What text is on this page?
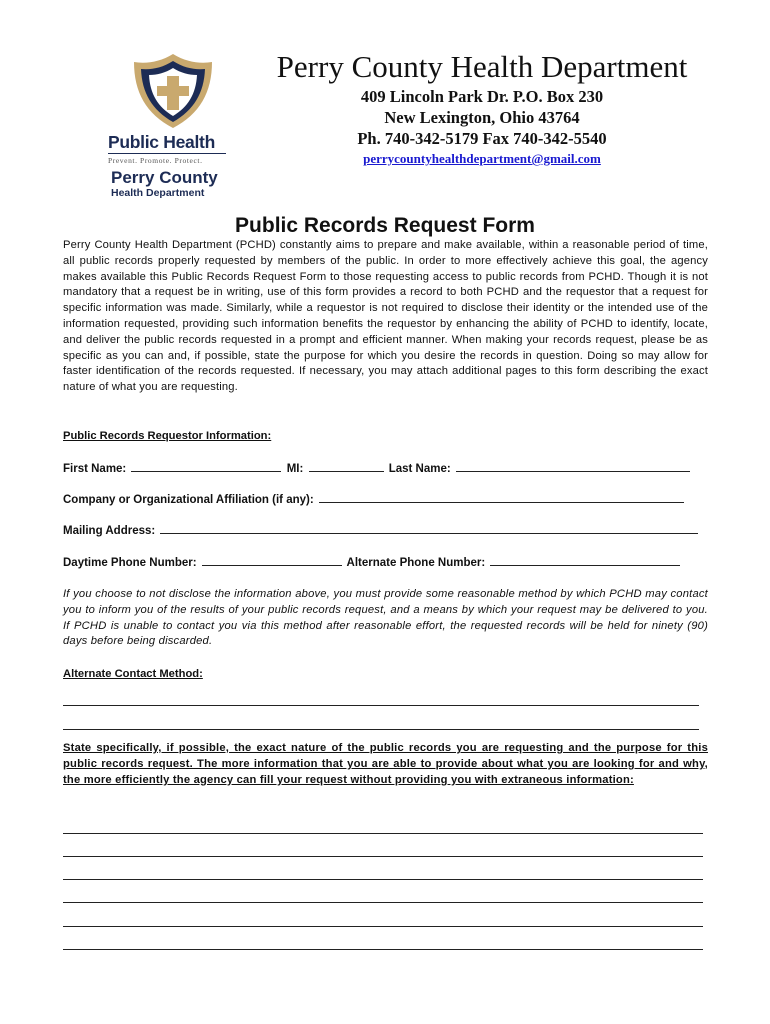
Public Health
Prevent. Promote. Protect.
Perry County
Health Department
Perry County Health Department
409 Lincoln Park Dr. P.O. Box 230
New Lexington, Ohio 43764
Ph. 740-342-5179 Fax 740-342-5540
perrycountyhealthdepartment@gmail.com
Public Records Request Form

Perry County Health Department (PCHD) constantly aims to prepare and make available, within a reasonable period of time, all public records properly requested by members of the public. In order to more effectively achieve this goal, the agency makes available this Public Records Request Form to those requesting access to public records from PCHD. Though it is not mandatory that a request be in writing, use of this form provides a record to both PCHD and the requestor that a request for specific information was made. Similarly, while a requestor is not required to disclose their identity or the intended use of the information requested, providing such information benefits the requestor by enhancing the ability of PCHD to identify, locate, and deliver the public records requested in a prompt and efficient manner. When making your records request, please be as specific as you can and, if possible, state the purpose for which you desire the records in question. Doing so may allow for faster identification of the records requested. If necessary, you may attach additional pages to this form describing the exact nature of what you are requesting.

Public Records Requestor Information:
First Name:	MI:	Last Name:
Company or Organizational Affiliation (if any):
Mailing Address:
Daytime Phone Number:	Alternate Phone Number:

If you choose to not disclose the information above, you must provide some reasonable method by which PCHD may contact you to inform you of the results of your public records request, and a means by which your request may be delivered to you. If PCHD is unable to contact you via this method after reasonable effort, the requested records will be held for ninety (90) days before being discarded.

Alternate Contact Method:

State specifically, if possible, the exact nature of the public records you are requesting and the purpose for this public records request. The more information that you are able to provide about what you are looking for and why, the more efficiently the agency can fill your request without providing you with extraneous information:
